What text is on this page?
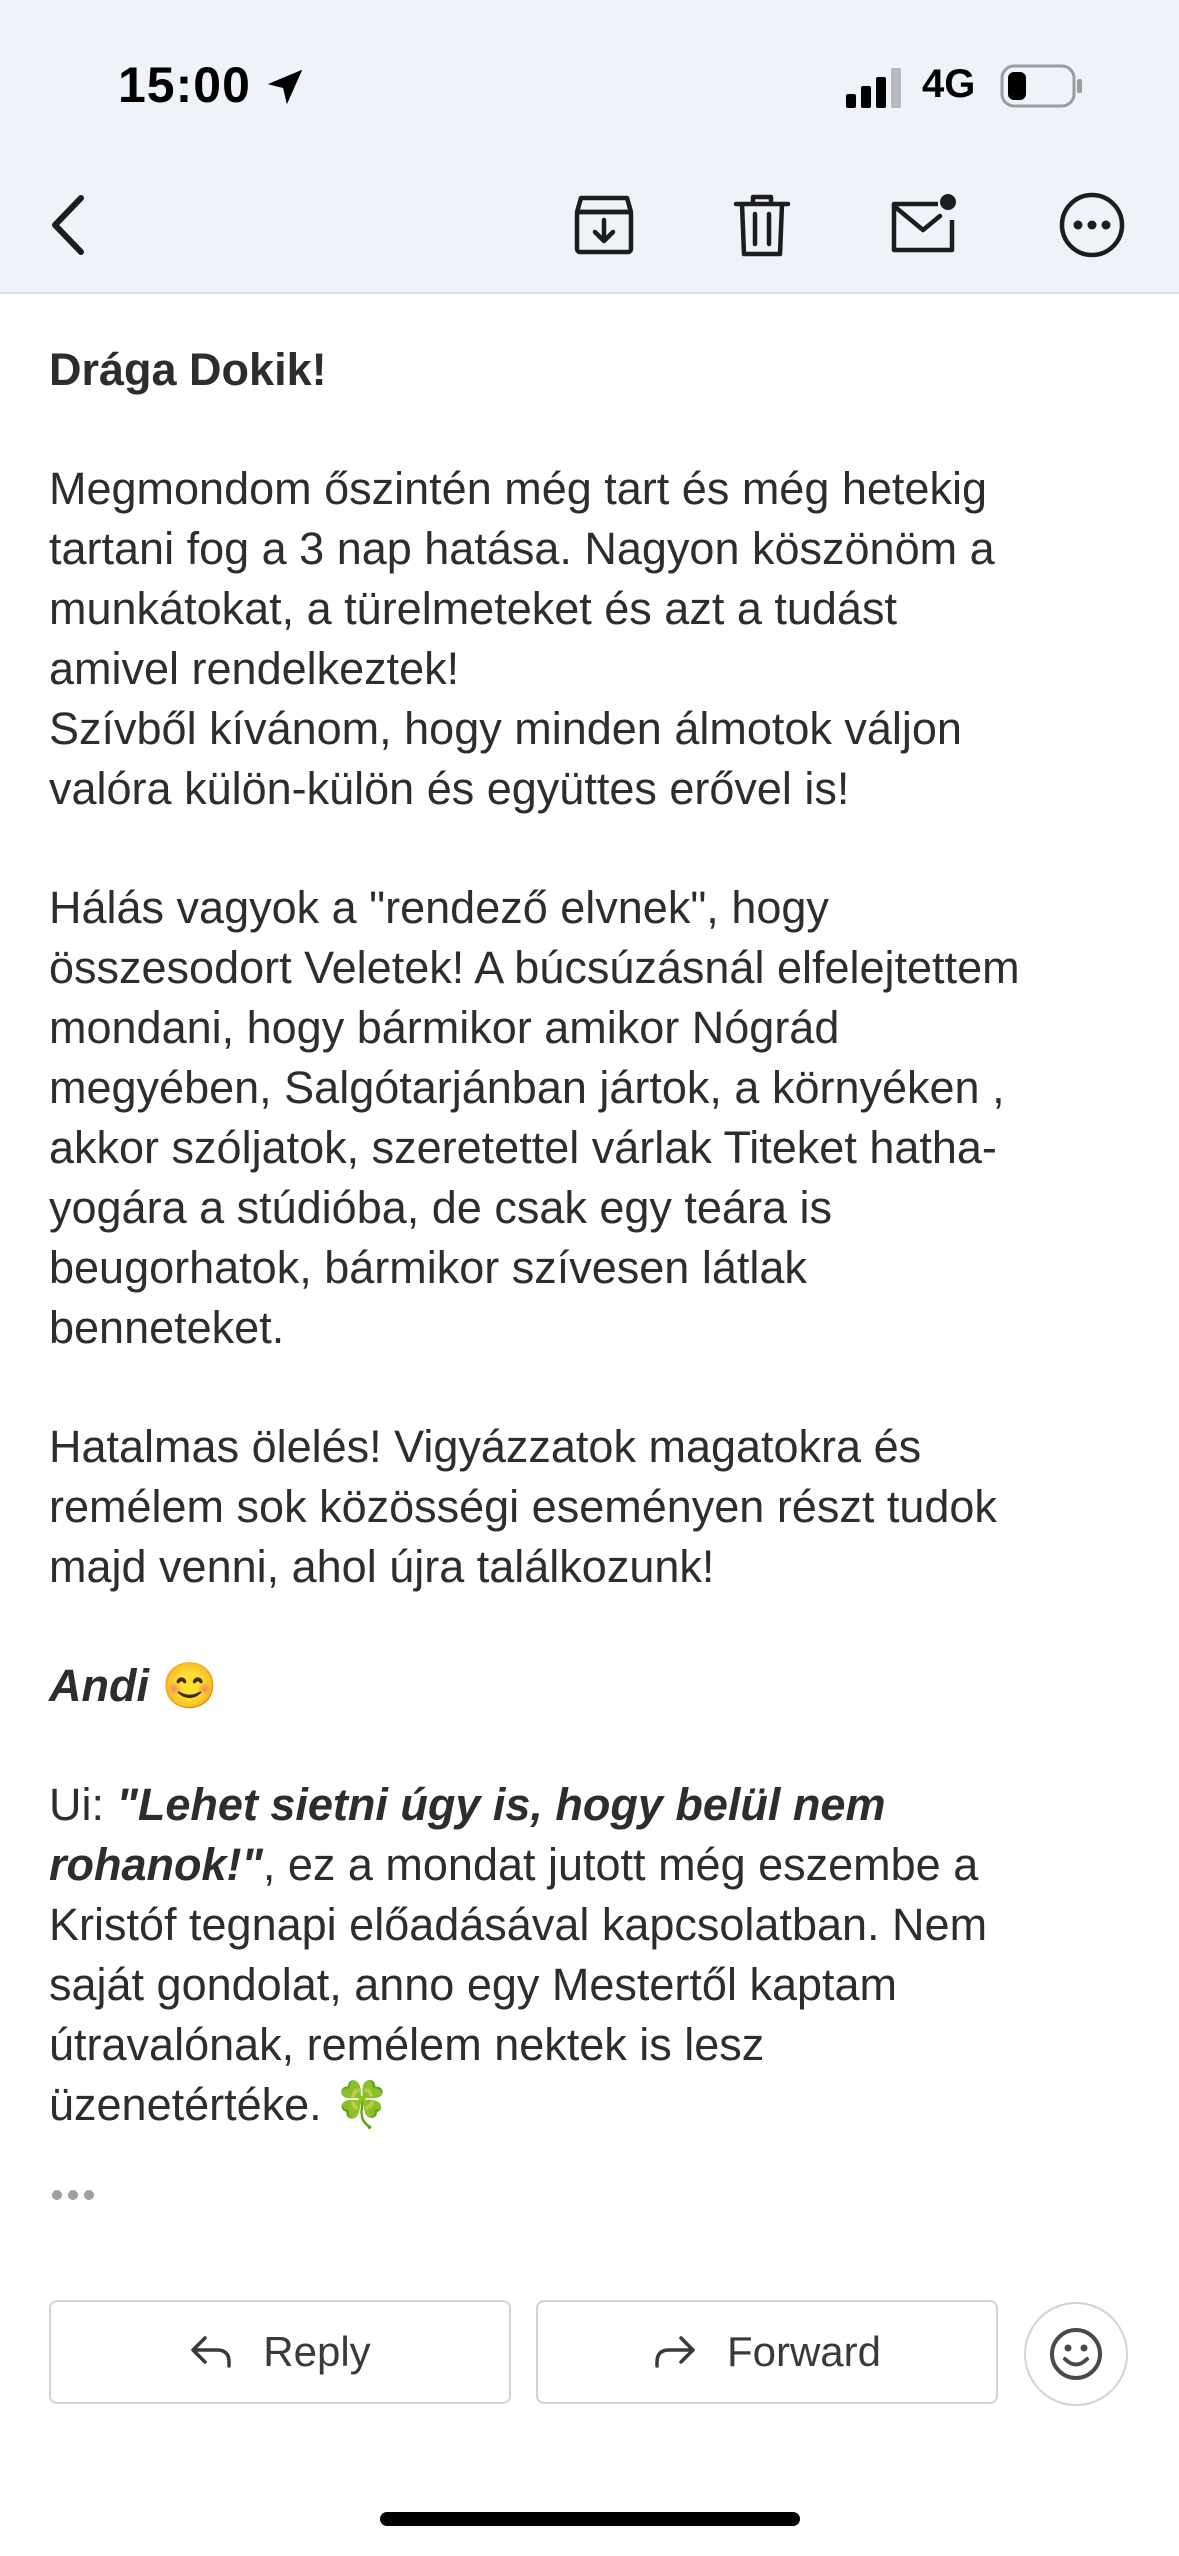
15:00	4G

Drága Dokik!

Megmondom őszintén még tart és még hetekig

tartani fog a 3 nap hatása. Nagyon köszönöm a

munkátokat, a türelmeteket és azt a tudást

amivel rendelkeztek!

Szívből kívánom, hogy minden álmotok váljon

valóra külön-külön és együttes erővel is!

Hálás vagyok a "rendező elvnek", hogy

összesodort Veletek! A búcsúzásnál elfelejtettem

mondani, hogy bármikor amikor Nógrád

megyében, Salgótarjánban jártok, a környéken ,

akkor szóljatok, szeretettel várlak Titeket hatha-

yogára a stúdióba, de csak egy teára is

beugorhatok, bármikor szívesen látlak

benneteket.

Hatalmas ölelés! Vigyázzatok magatokra és

remélem sok közösségi eseményen részt tudok

majd venni, ahol újra találkozunk!

Andi 😊

Ui: "Lehet sietni úgy is, hogy belül nem

rohanok!", ez a mondat jutott még eszembe a

Kristóf tegnapi előadásával kapcsolatban. Nem

saját gondolat, anno egy Mestertől kaptam

útravalónak, remélem nektek is lesz

üzenetértéke. 🍀

Reply	Forward
